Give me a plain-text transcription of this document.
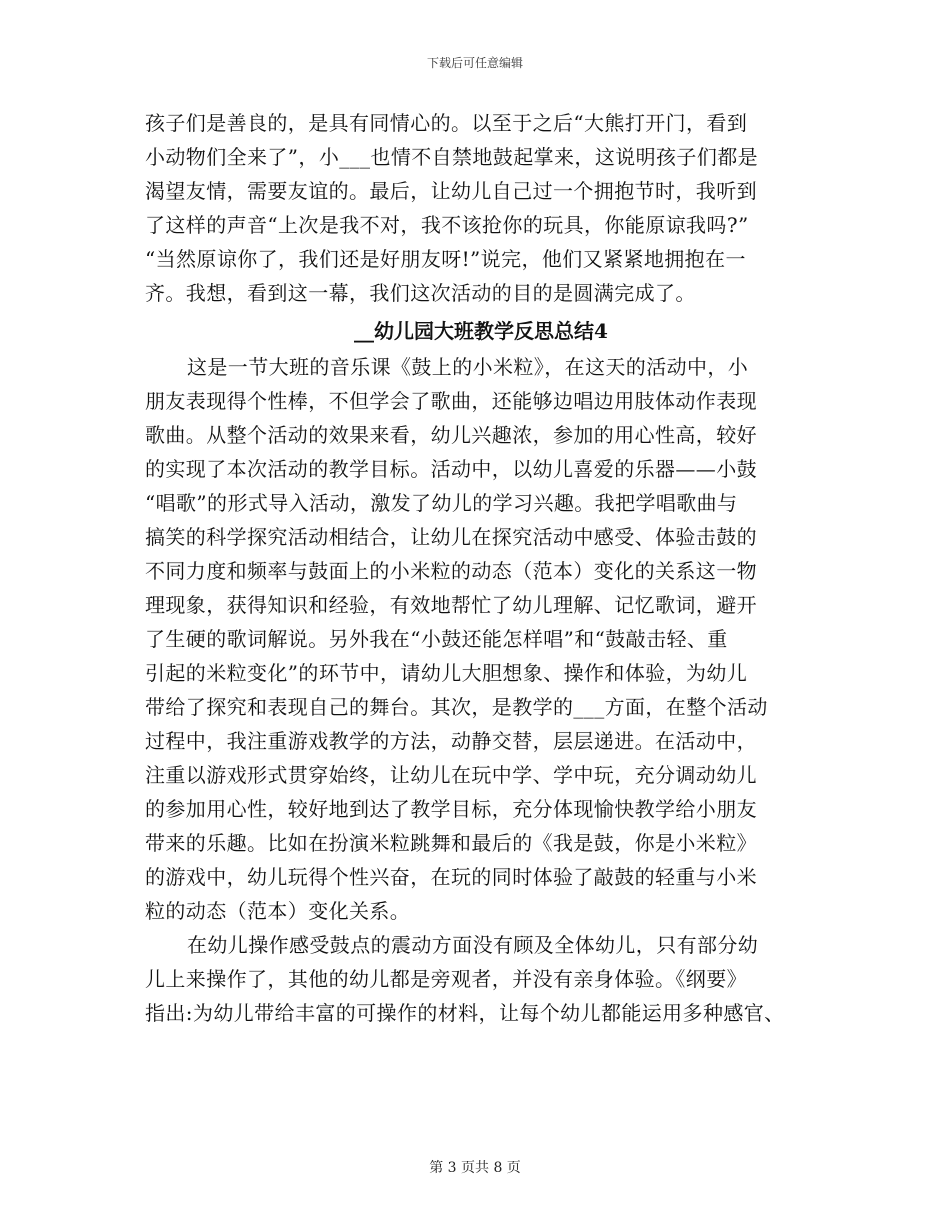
下载后可任意编辑
孩子们是善良的，是具有同情心的。以至于之后“大熊打开门，看到
小动物们全来了”，小___也情不自禁地鼓起掌来，这说明孩子们都是
渴望友情，需要友谊的。最后，让幼儿自己过一个拥抱节时，我听到
了这样的声音“上次是我不对，我不该抢你的玩具，你能原谅我吗?”
“当然原谅你了，我们还是好朋友呀!”说完，他们又紧紧地拥抱在一
齐。我想，看到这一幕，我们这次活动的目的是圆满完成了。
__幼儿园大班教学反思总结4
这是一节大班的音乐课《鼓上的小米粒》，在这天的活动中，小
朋友表现得个性棒，不但学会了歌曲，还能够边唱边用肢体动作表现
歌曲。从整个活动的效果来看，幼儿兴趣浓，参加的用心性高，较好
的实现了本次活动的教学目标。活动中，以幼儿喜爱的乐器——小鼓
“唱歌”的形式导入活动，激发了幼儿的学习兴趣。我把学唱歌曲与
搞笑的科学探究活动相结合，让幼儿在探究活动中感受、体验击鼓的
不同力度和频率与鼓面上的小米粒的动态（范本）变化的关系这一物
理现象，获得知识和经验，有效地帮忙了幼儿理解、记忆歌词，避开
了生硬的歌词解说。另外我在“小鼓还能怎样唱”和“鼓敲击轻、重
引起的米粒变化”的环节中，请幼儿大胆想象、操作和体验，为幼儿
带给了探究和表现自己的舞台。其次，是教学的___方面，在整个活动
过程中，我注重游戏教学的方法，动静交替，层层递进。在活动中，
注重以游戏形式贯穿始终，让幼儿在玩中学、学中玩，充分调动幼儿
的参加用心性，较好地到达了教学目标，充分体现愉快教学给小朋友
带来的乐趣。比如在扮演米粒跳舞和最后的《我是鼓，你是小米粒》
的游戏中，幼儿玩得个性兴奋，在玩的同时体验了敲鼓的轻重与小米
粒的动态（范本）变化关系。
在幼儿操作感受鼓点的震动方面没有顾及全体幼儿，只有部分幼
儿上来操作了，其他的幼儿都是旁观者，并没有亲身体验。《纲要》
指出:为幼儿带给丰富的可操作的材料，让每个幼儿都能运用多种感官、
第 3 页共 8 页
